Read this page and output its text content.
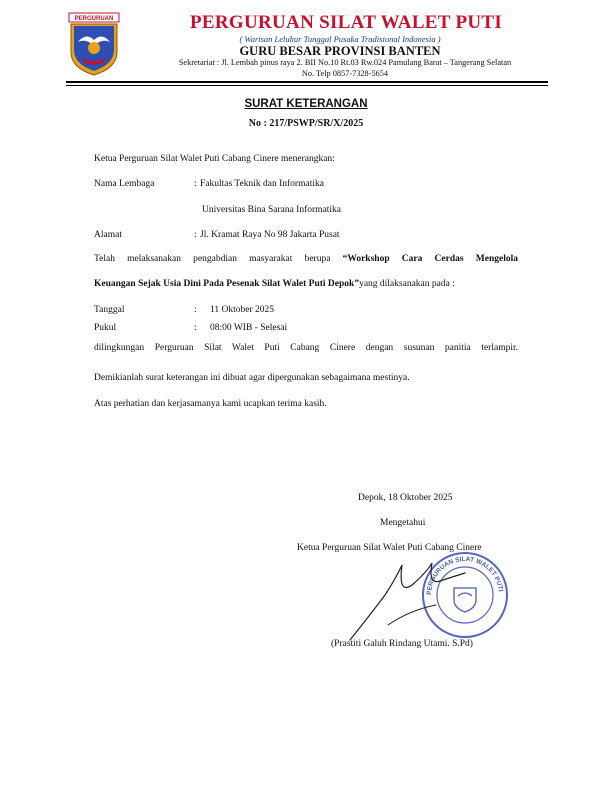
PERGURUAN	PERGURUAN SILAT WALET PUTI
( Warisan Leluhur Tunggal Pusaka Tradisional Indonesia )
GURU BESAR PROVINSI BANTEN
Sekretariat : Jl. Lembah pinus raya 2. BII No.10 Rt.03 Rw.024 Pamulang Barat – Tangerang Selatan
No. Telp 0857-7328-5654
SURAT KETERANGAN
No : 217/PSWP/SR/X/2025
Ketua Perguruan Silat Walet Puti Cabang Cinere menerangkan:
Nama Lembaga	: Fakultas Teknik dan Informatika
Universitas Bina Sarana Informatika
Alamat	: Jl. Kramat Raya No 98 Jakarta Pusat
Telah melaksanakan pengabdian masyarakat berupa “Workshop Cara Cerdas Mengelola
Keuangan Sejak Usia Dini Pada Pesenak Silat Walet Puti Depok”yang dilaksanakan pada :
Tanggal	: 11 Oktober 2025
Pukul	: 08:00 WIB - Selesai
dilingkungan Perguruan Silat Walet Puti Cabang Cinere dengan susunan panitia terlampir.
Demikianlah surat keterangan ini dibuat agar dipergunakan sebagaimana mestinya.
Atas perhatian dan kerjasamanya kami ucapkan terima kasih.
Depok, 18 Oktober 2025
Mengetahui
Ketua Perguruan Silat Walet Puti Cabang Cinere
PERGURUAN SILAT WALET PUTI
(Prastiti Galuh Rindang Utami. S.Pd)
